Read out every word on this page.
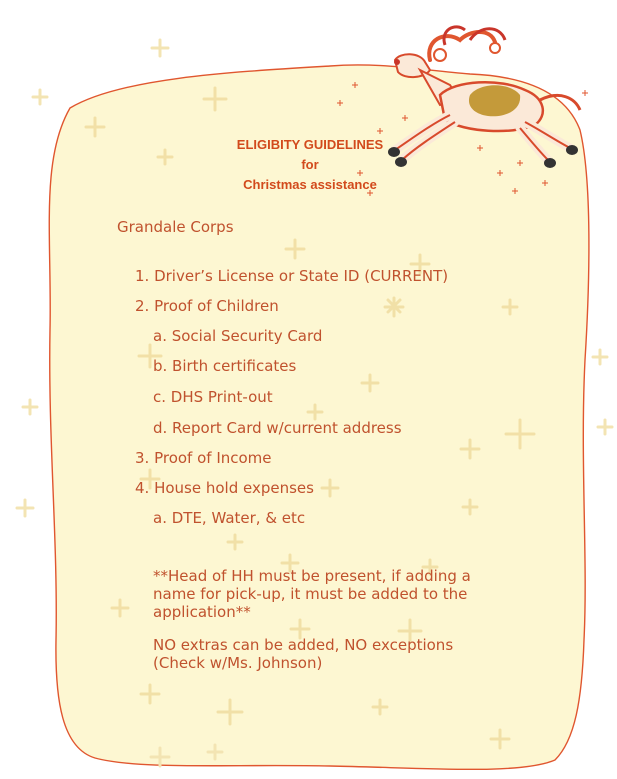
ELIGIBITY GUIDELINES
for
Christmas assistance
Grandale Corps
1. Driver’s License or State ID (CURRENT)
2. Proof of Children
a. Social Security Card
b. Birth certificates
c. DHS Print-out
d. Report Card w/current address
3. Proof of Income
4. House hold expenses
a. DTE, Water, & etc
**Head of HH must be present, if adding a name for pick-up, it must be added to the application**
NO extras can be added, NO exceptions (Check w/Ms. Johnson)
